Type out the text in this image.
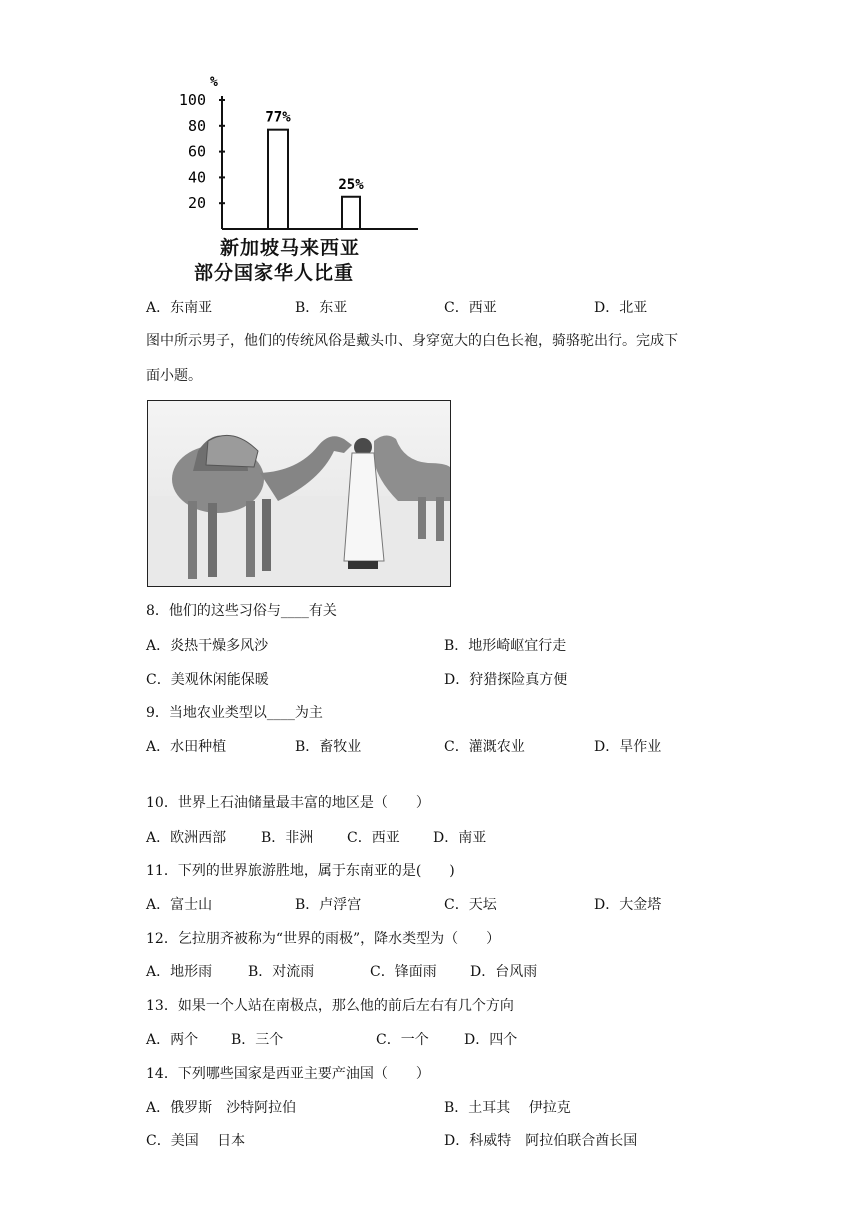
%
100
80
60
40
20
77%
25%
新加坡马来西亚
部分国家华人比重
A．东南亚	B．东亚	C．西亚	D．北亚
图中所示男子，他们的传统风俗是戴头巾、身穿宽大的白色长袍，骑骆驼出行。完成下
面小题。
8．他们的这些习俗与____有关
A．炎热干燥多风沙	B．地形崎岖宜行走
C．美观休闲能保暖	D．狩猎探险真方便
9．当地农业类型以____为主
A．水田种植	B．畜牧业	C．灌溉农业	D．旱作业
10．世界上石油储量最丰富的地区是（　　）
A．欧洲西部 B．非洲 C．西亚 D．南亚
11．下列的世界旅游胜地，属于东南亚的是(　　)
A．富士山	B．卢浮宫	C．天坛	D．大金塔
12．乞拉朋齐被称为“世界的雨极”，降水类型为（　　）
A．地形雨	B．对流雨	C．锋面雨 D．台风雨
13．如果一个人站在南极点，那么他的前后左右有几个方向
A．两个 B．三个	C．一个	D．四个
14．下列哪些国家是西亚主要产油国（　　）
A．俄罗斯　沙特阿拉伯	B．土耳其　 伊拉克
C．美国　 日本	D．科威特　阿拉伯联合酋长国
